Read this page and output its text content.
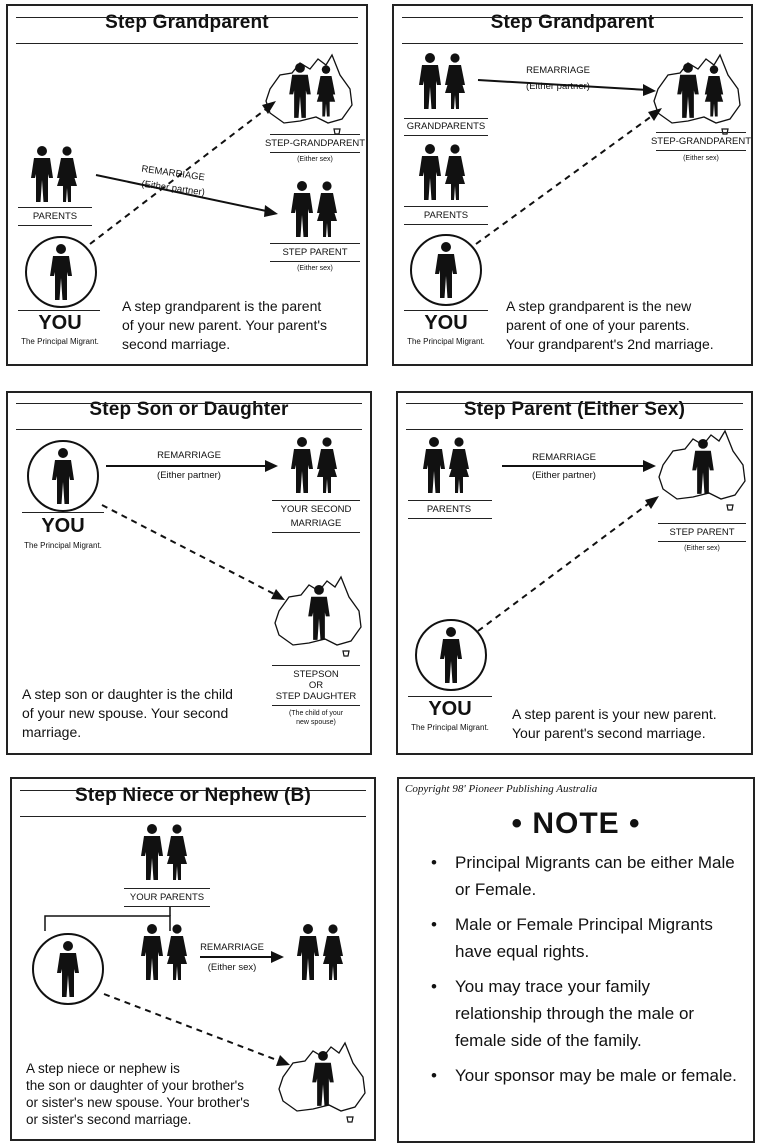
Step Grandparent
PARENTS
REMARRIAGE
(Either partner)
STEP-GRANDPARENT
(Either sex)
STEP PARENT
(Either sex)
YOU
The Principal Migrant.
A step grandparent is the parent
of your new parent. Your parent's
second marriage.
Step Grandparent
GRANDPARENTS
PARENTS
REMARRIAGE
(Either partner)
STEP-GRANDPARENT
(Either sex)
YOU
The Principal Migrant.
A step grandparent is the new
parent of one of your parents.
Your grandparent's 2nd marriage.
Step Son or Daughter
REMARRIAGE
(Either partner)
YOUR SECOND
MARRIAGE
YOU
The Principal Migrant.
STEPSON
OR
STEP DAUGHTER
(The child of your
new spouse)
A step son or daughter is the child
of your new spouse. Your second
marriage.
Step Parent (Either Sex)
PARENTS
REMARRIAGE
(Either partner)
STEP PARENT
(Either sex)
YOU
The Principal Migrant.
A step parent is your new parent.
Your parent's second marriage.
Step Niece or Nephew (B)
YOUR PARENTS
REMARRIAGE
(Either sex)
A step niece or nephew is
the son or daughter of your brother's
or sister's new spouse. Your brother's
or sister's second marriage.
Copyright 98' Pioneer Publishing Australia
• NOTE •
• Principal Migrants can be either Male or Female.
• Male or Female Principal Migrants have equal rights.
• You may trace your family relationship through the male or female side of the family.
• Your sponsor may be male or female.
